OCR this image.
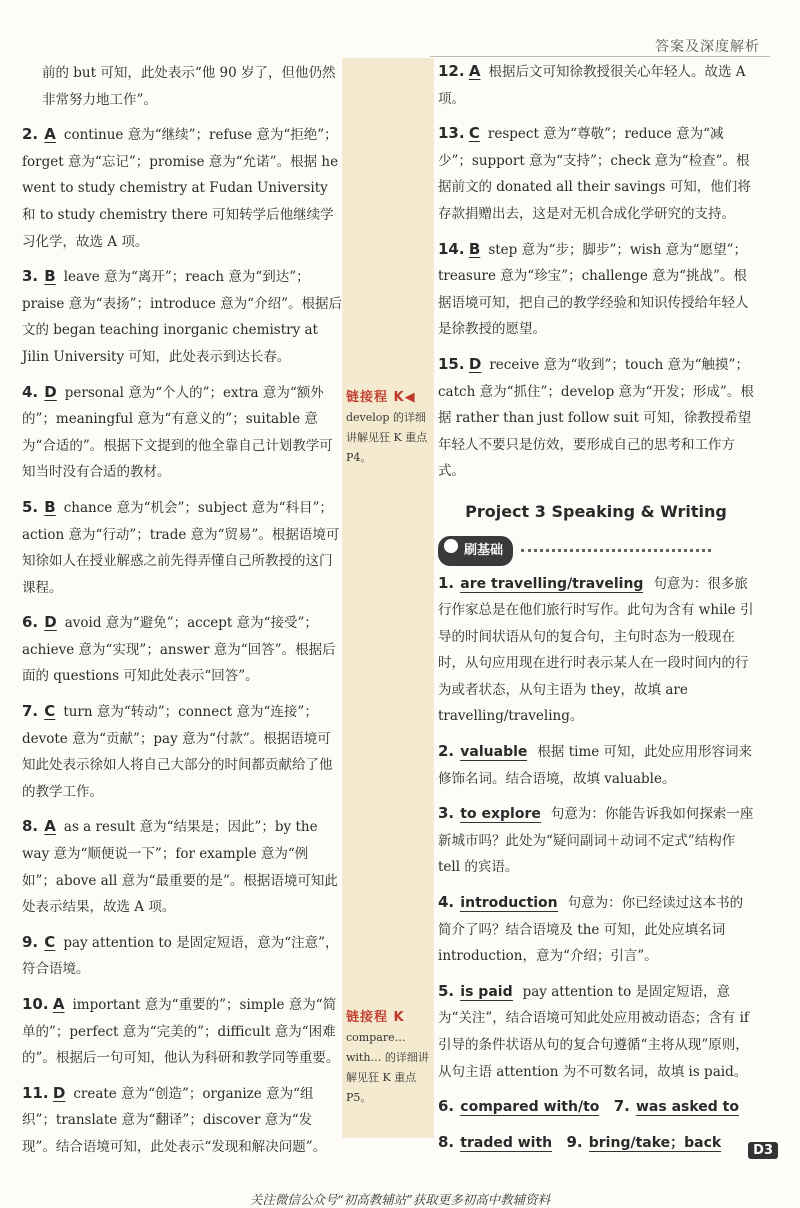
答案及深度解析

前的 but 可知，此处表示“他 90 岁了，但他仍然非常努力地工作”。

2. A continue 意为“继续”；refuse 意为“拒绝”；forget 意为“忘记”；promise 意为“允诺”。根据 he went to study chemistry at Fudan University 和 to study chemistry there 可知转学后他继续学习化学，故选 A 项。

3. B leave 意为“离开”；reach 意为“到达”；praise 意为“表扬”；introduce 意为“介绍”。根据后文的 began teaching inorganic chemistry at Jilin University 可知，此处表示到达长春。

4. D personal 意为“个人的”；extra 意为“额外的”；meaningful 意为“有意义的”；suitable 意为“合适的”。根据下文提到的他全靠自己计划教学可知当时没有合适的教材。

5. B chance 意为“机会”；subject 意为“科目”；action 意为“行动”；trade 意为“贸易”。根据语境可知徐如人在授业解惑之前先得弄懂自己所教授的这门课程。

6. D avoid 意为“避免”；accept 意为“接受”；achieve 意为“实现”；answer 意为“回答”。根据后面的 questions 可知此处表示“回答”。

7. C turn 意为“转动”；connect 意为“连接”；devote 意为“贡献”；pay 意为“付款”。根据语境可知此处表示徐如人将自己大部分的时间都贡献给了他的教学工作。

8. A as a result 意为“结果是；因此”；by the way 意为“顺便说一下”；for example 意为“例如”；above all 意为“最重要的是”。根据语境可知此处表示结果，故选 A 项。

9. C pay attention to 是固定短语，意为“注意”，符合语境。

10. A important 意为“重要的”；simple 意为“简单的”；perfect 意为“完美的”；difficult 意为“困难的”。根据后一句可知，他认为科研和教学同等重要。

11. D create 意为“创造”；organize 意为“组织”；translate 意为“翻译”；discover 意为“发现”。结合语境可知，此处表示“发现和解决问题”。

链接程 K◀
develop 的详细讲解见狂 K 重点 P4。
链接程 K
compare… with… 的详细讲解见狂 K 重点 P5。

12. A 根据后文可知徐教授很关心年轻人。故选 A 项。

13. C respect 意为“尊敬”；reduce 意为“减少”；support 意为“支持”；check 意为“检查”。根据前文的 donated all their savings 可知，他们将存款捐赠出去，这是对无机合成化学研究的支持。

14. B step 意为“步；脚步”；wish 意为“愿望”；treasure 意为“珍宝”；challenge 意为“挑战”。根据语境可知，把自己的教学经验和知识传授给年轻人是徐教授的愿望。

15. D receive 意为“收到”；touch 意为“触摸”；catch 意为“抓住”；develop 意为“开发；形成”。根据 rather than just follow suit 可知，徐教授希望年轻人不要只是仿效，要形成自己的思考和工作方式。

Project 3 Speaking & Writing
刷基础

1. are travelling/traveling 句意为：很多旅行作家总是在他们旅行时写作。此句为含有 while 引导的时间状语从句的复合句，主句时态为一般现在时，从句应用现在进行时表示某人在一段时间内的行为或者状态，从句主语为 they，故填 are travelling/traveling。

2. valuable 根据 time 可知，此处应用形容词来修饰名词。结合语境，故填 valuable。

3. to explore 句意为：你能告诉我如何探索一座新城市吗？此处为“疑问副词＋动词不定式”结构作 tell 的宾语。

4. introduction 句意为：你已经读过这本书的简介了吗？结合语境及 the 可知，此处应填名词 introduction，意为“介绍；引言”。

5. is paid pay attention to 是固定短语，意为“关注”，结合语境可知此处应用被动语态；含有 if 引导的条件状语从句的复合句遵循“主将从现”原则，从句主语 attention 为不可数名词，故填 is paid。

6. compared with/to 7. was asked to

8. traded with 9. bring/take；back	D3
关注微信公众号“初高教辅站”获取更多初高中教辅资料
